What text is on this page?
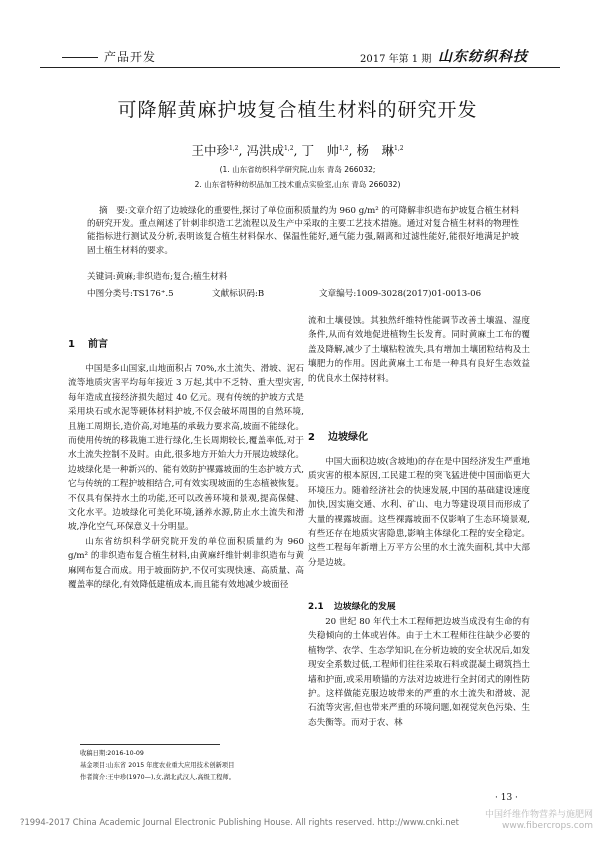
产品开发	2017 年第 1 期 山东纺织科技
可降解黄麻护坡复合植生材料的研究开发
王中珍$^{1,2}$, 冯洪成$^{1,2}$, 丁　帅$^{1,2}$, 杨　琳$^{1,2}$
(1. 山东省纺织科学研究院,山东 青岛 266032;
2. 山东省特种纺织品加工技术重点实验室,山东 青岛 266032)
摘　要:文章介绍了边坡绿化的重要性,探讨了单位面积质量约为 960 g/m² 的可降解非织造布护坡复合植生材料的研究开发。重点阐述了针刺非织造工艺流程以及生产中采取的主要工艺技术措施。通过对复合植生材料的物理性能指标进行测试及分析,表明该复合植生材料保水、保温性能好,通气能力强,隔离和过滤性能好,能很好地满足护坡固土植生材料的要求。
关键词:黄麻;非织造布;复合;植生材料
中图分类号:TS176⁺.5	文献标识码:B	文章编号:1009-3028(2017)01-0013-06
1 前言

中国是多山国家,山地面积占 70%,水土流失、滑坡、泥石流等地质灾害平均每年接近 3 万起,其中不乏特、重大型灾害,每年造成直接经济损失超过 40 亿元。现有传统的护坡方式是采用块石或水泥等硬体材料护坡,不仅会破坏周围的自然环境,且施工周期长,造价高,对地基的承载力要求高,坡面不能绿化。而使用传统的移栽施工进行绿化,生长周期较长,覆盖率低,对于水土流失控制不及时。由此,很多地方开始大力开展边坡绿化。边坡绿化是一种新兴的、能有效防护裸露坡面的生态护坡方式,它与传统的工程护坡相结合,可有效实现坡面的生态植被恢复。不仅具有保持水土的功能,还可以改善环境和景观,提高保健、文化水平。边坡绿化可美化环境,涵养水源,防止水土流失和滑坡,净化空气,环保意义十分明显。

山东省纺织科学研究院开发的单位面积质量约为 960 g/m² 的非织造布复合植生材料,由黄麻纤维针刺非织造布与黄麻网布复合而成。用于坡面防护,不仅可实现快速、高质量、高覆盖率的绿化,有效降低建植成本,而且能有效地减少坡面径

收稿日期:2016-10-09
基金项目:山东省 2015 年度农业重大应用技术创新项目
作者简介:王中珍(1970—),女,湖北武汉人,高级工程师。

流和土壤侵蚀。其独然纤维特性能调节改善土壤温、湿度条件,从而有效地促进植物生长发育。同时黄麻土工布的覆盖及降解,减少了土壤粘粒流失,具有增加土壤团粒结构及土壤肥力的作用。因此黄麻土工布是一种具有良好生态效益的优良水土保持材料。

2 边坡绿化

中国大面积边坡(含坡地)的存在是中国经济发生严重地质灾害的根本原因,工民建工程的突飞猛进使中国面临更大环境压力。随着经济社会的快速发展,中国的基础建设速度加快,因实施交通、水利、矿山、电力等建设项目而形成了大量的裸露坡面。这些裸露坡面不仅影响了生态环境景观,有些还存在地质灾害隐患,影响主体绿化工程的安全稳定。这些工程每年新增上万平方公里的水土流失面积,其中大部分是边坡。

2.1 边坡绿化的发展

20 世纪 80 年代土木工程师把边坡当成没有生命的有失稳倾向的土体或岩体。由于土木工程师往往缺少必要的植物学、农学、生态学知识,在分析边坡的安全状况后,如发现安全系数过低,工程师们往往采取石料或混凝土砌筑挡土墙和护面,或采用喷锚的方法对边坡进行全封闭式的刚性防护。这样做能克服边坡带来的严重的水土流失和滑坡、泥石流等灾害,但也带来严重的环境问题,如视觉灰色污染、生态失衡等。而对于农、林

· 13 ·
?1994-2017 China Academic Journal Electronic Publishing House. All rights reserved. http://www.cnki.net
中国纤维作物营养与施肥网
www.fibercrops.com
